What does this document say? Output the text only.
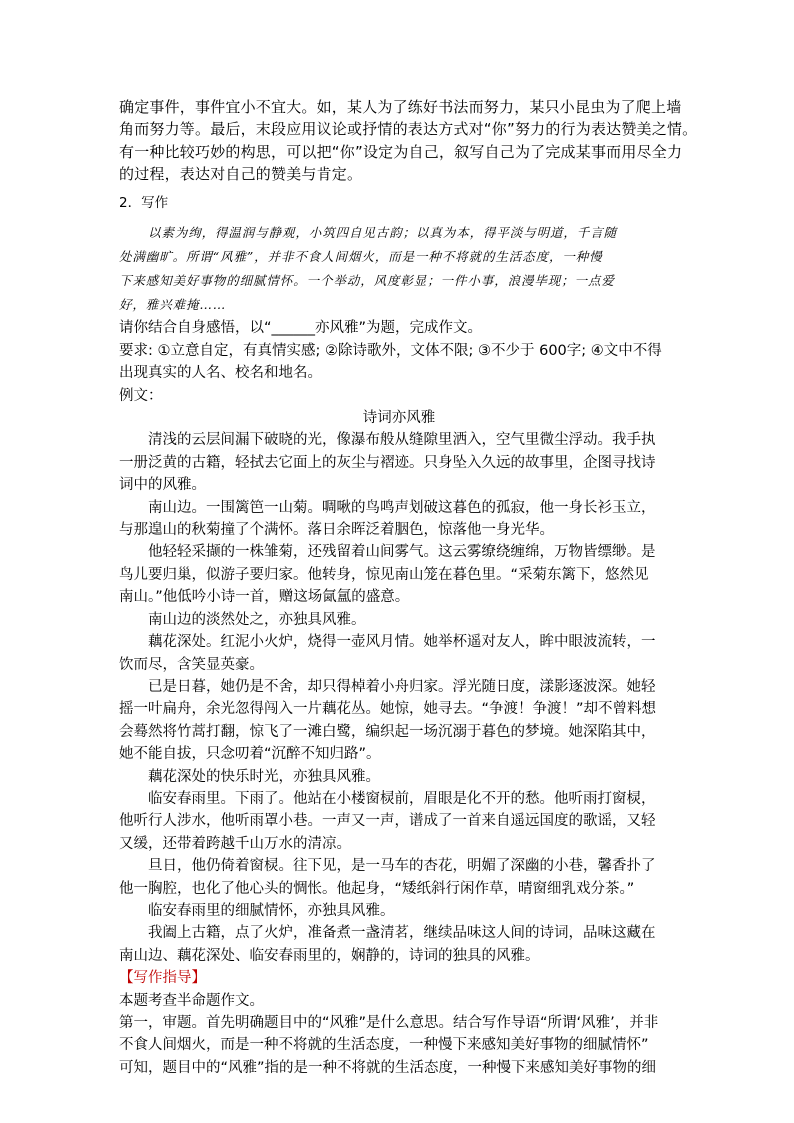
确定事件，事件宜小不宜大。如，某人为了练好书法而努力，某只小昆虫为了爬上墙

角而努力等。最后，末段应用议论或抒情的表达方式对“你”努力的行为表达赞美之情。

有一种比较巧妙的构思，可以把“你”设定为自己，叙写自己为了完成某事而用尽全力

的过程，表达对自己的赞美与肯定。

2．写作

以素为绚，得温润与静观，小筑四自见古韵；以真为本，得平淡与明道，千言随

处满幽旷。所谓“风雅”，并非不食人间烟火，而是一种不将就的生活态度，一种慢

下来感知美好事物的细腻情怀。一个举动，风度彰显；一件小事，浪漫毕现；一点爱

好，雅兴难掩……

请你结合自身感悟，以“______亦风雅”为题，完成作文。

要求: ①立意自定，有真情实感; ②除诗歌外，文体不限; ③不少于 600字; ④文中不得

出现真实的人名、校名和地名。

例文：

诗词亦风雅

清浅的云层间漏下破晓的光，像瀑布般从缝隙里洒入，空气里微尘浮动。我手执

一册泛黄的古籍，轻拭去它面上的灰尘与褶迹。只身坠入久远的故事里，企图寻找诗

词中的风雅。

南山边。一围篱笆一山菊。啁啾的鸟鸣声划破这暮色的孤寂，他一身长衫玉立，

与那遑山的秋菊撞了个满怀。落日余晖泛着胭色，惊落他一身光华。

他轻轻采撷的一株雏菊，还残留着山间雾气。这云雾缭绕缠绵，万物皆缥缈。是

鸟儿要归巢，似游子要归家。他转身，惊见南山笼在暮色里。“采菊东篱下，悠然见

南山。”他低吟小诗一首，赠这场氤氲的盛意。

南山边的淡然处之，亦独具风雅。

藕花深处。红泥小火炉，烧得一壶风月情。她举杯遥对友人，眸中眼波流转，一

饮而尽，含笑显英豪。

已是日暮，她仍是不舍，却只得棹着小舟归家。浮光随日度，漾影逐波深。她轻

摇一叶扁舟，余光忽得闯入一片藕花丛。她惊，她寻去。“争渡！争渡！”却不曾料想

会蓦然将竹蒿打翻，惊飞了一滩白鹭，编织起一场沉溺于暮色的梦境。她深陷其中，

她不能自拔，只念叨着“沉醉不知归路”。

藕花深处的快乐时光，亦独具风雅。

临安春雨里。下雨了。他站在小楼窗棂前，眉眼是化不开的愁。他听雨打窗棂，

他听行人涉水，他听雨罩小巷。一声又一声，谱成了一首来自遥远国度的歌谣，又轻

又缓，还带着跨越千山万水的清凉。

旦日，他仍倚着窗棂。往下见，是一马车的杏花，明媚了深幽的小巷，馨香扑了

他一胸腔，也化了他心头的惆怅。他起身，“矮纸斜行闲作草，晴窗细乳戏分茶。”

临安春雨里的细腻情怀，亦独具风雅。

我阖上古籍，点了火炉，准备煮一盏清茗，继续品味这人间的诗词，品味这藏在

南山边、藕花深处、临安春雨里的，娴静的，诗词的独具的风雅。

【写作指导】

本题考查半命题作文。

第一，审题。首先明确题目中的“风雅”是什么意思。结合写作导语“所谓‘风雅’，并非

不食人间烟火，而是一种不将就的生活态度，一种慢下来感知美好事物的细腻情怀”

可知，题目中的“风雅”指的是一种不将就的生活态度，一种慢下来感知美好事物的细
